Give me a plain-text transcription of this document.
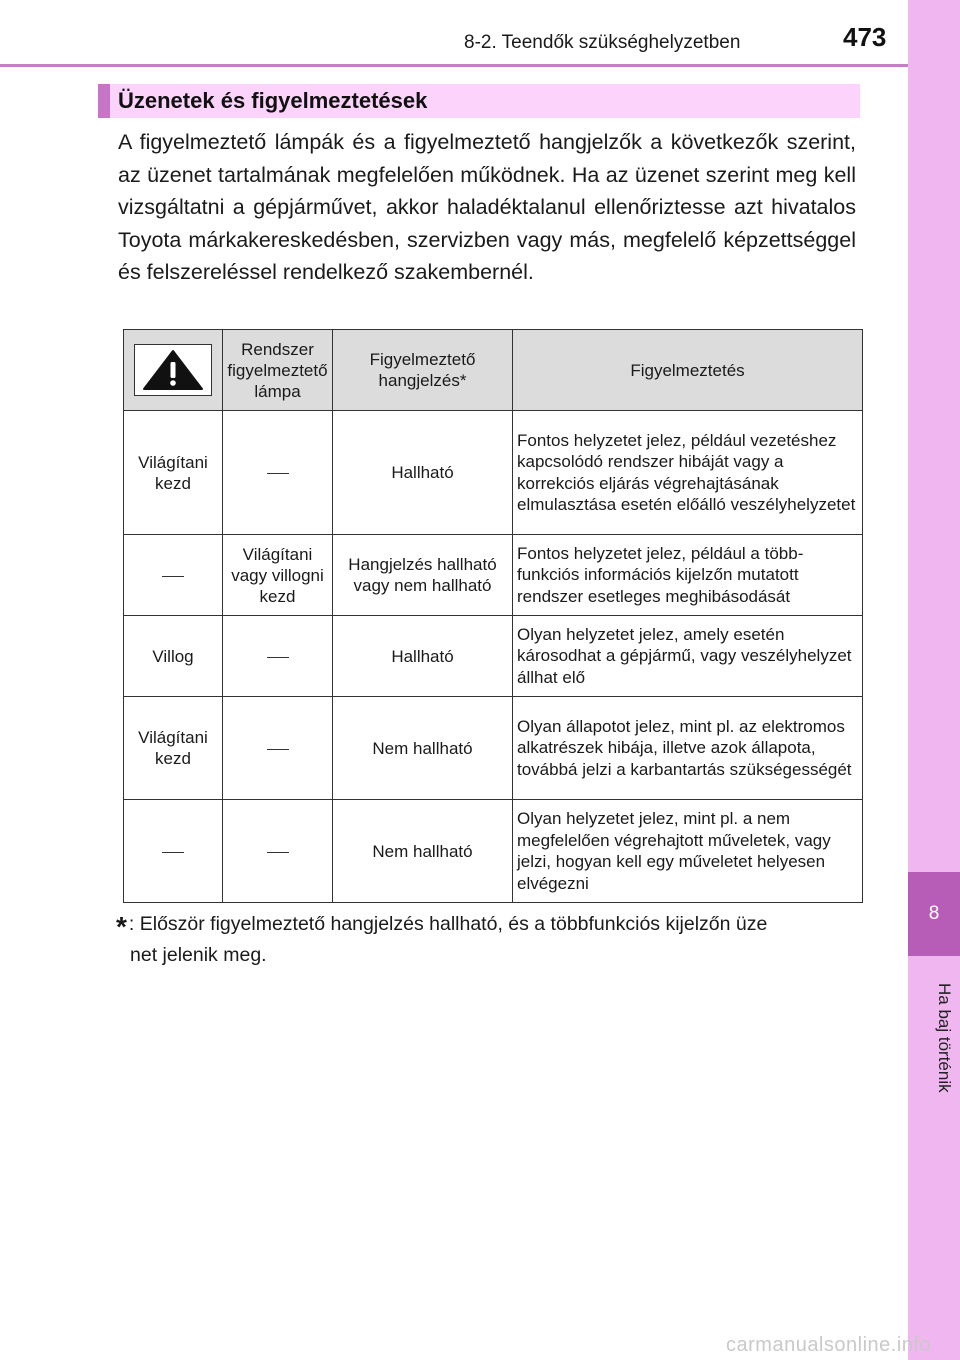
8-2. Teendők szükséghelyzetben	473
8
Ha baj történik
Üzenetek és figyelmeztetések
A figyelmeztető lámpák és a figyelmeztető hangjelzők a következők szerint, az üzenet tartalmának megfelelően működnek. Ha az üzenet szerint meg kell vizsgáltatni a gépjárművet, akkor haladéktalanul ellenőriztesse azt hivatalos Toyota márkakereskedésben, szervizben vagy más, megfelelő képzettséggel és felszereléssel rendelkező szakembernél.
	Rendszer figyelmeztető lámpa	Figyelmeztető hangjelzés*	Figyelmeztetés
Világítani kezd		Hallható	Fontos helyzetet jelez, például vezetéshez kapcsolódó rendszer hibáját vagy a korrekciós eljárás végrehajtásának elmulasztása esetén előálló veszélyhelyzetet
	Világítani vagy villogni kezd	Hangjelzés hallható vagy nem hallható	Fontos helyzetet jelez, például a többfunkciós információs kijelzőn mutatott rendszer esetleges meghibásodását
Villog		Hallható	Olyan helyzetet jelez, amely esetén károsodhat a gépjármű, vagy veszélyhelyzet állhat elő
Világítani kezd		Nem hallható	Olyan állapotot jelez, mint pl. az elektromos alkatrészek hibája, illetve azok állapota, továbbá jelzi a karbantartás szükségességét
		Nem hallható	Olyan helyzetet jelez, mint pl. a nem megfelelően végrehajtott műveletek, vagy jelzi, hogyan kell egy műveletet helyesen elvégezni
* : Először figyelmeztető hangjelzés hallható, és a többfunkciós kijelzőn üze
net jelenik meg.
carmanualsonline.info
